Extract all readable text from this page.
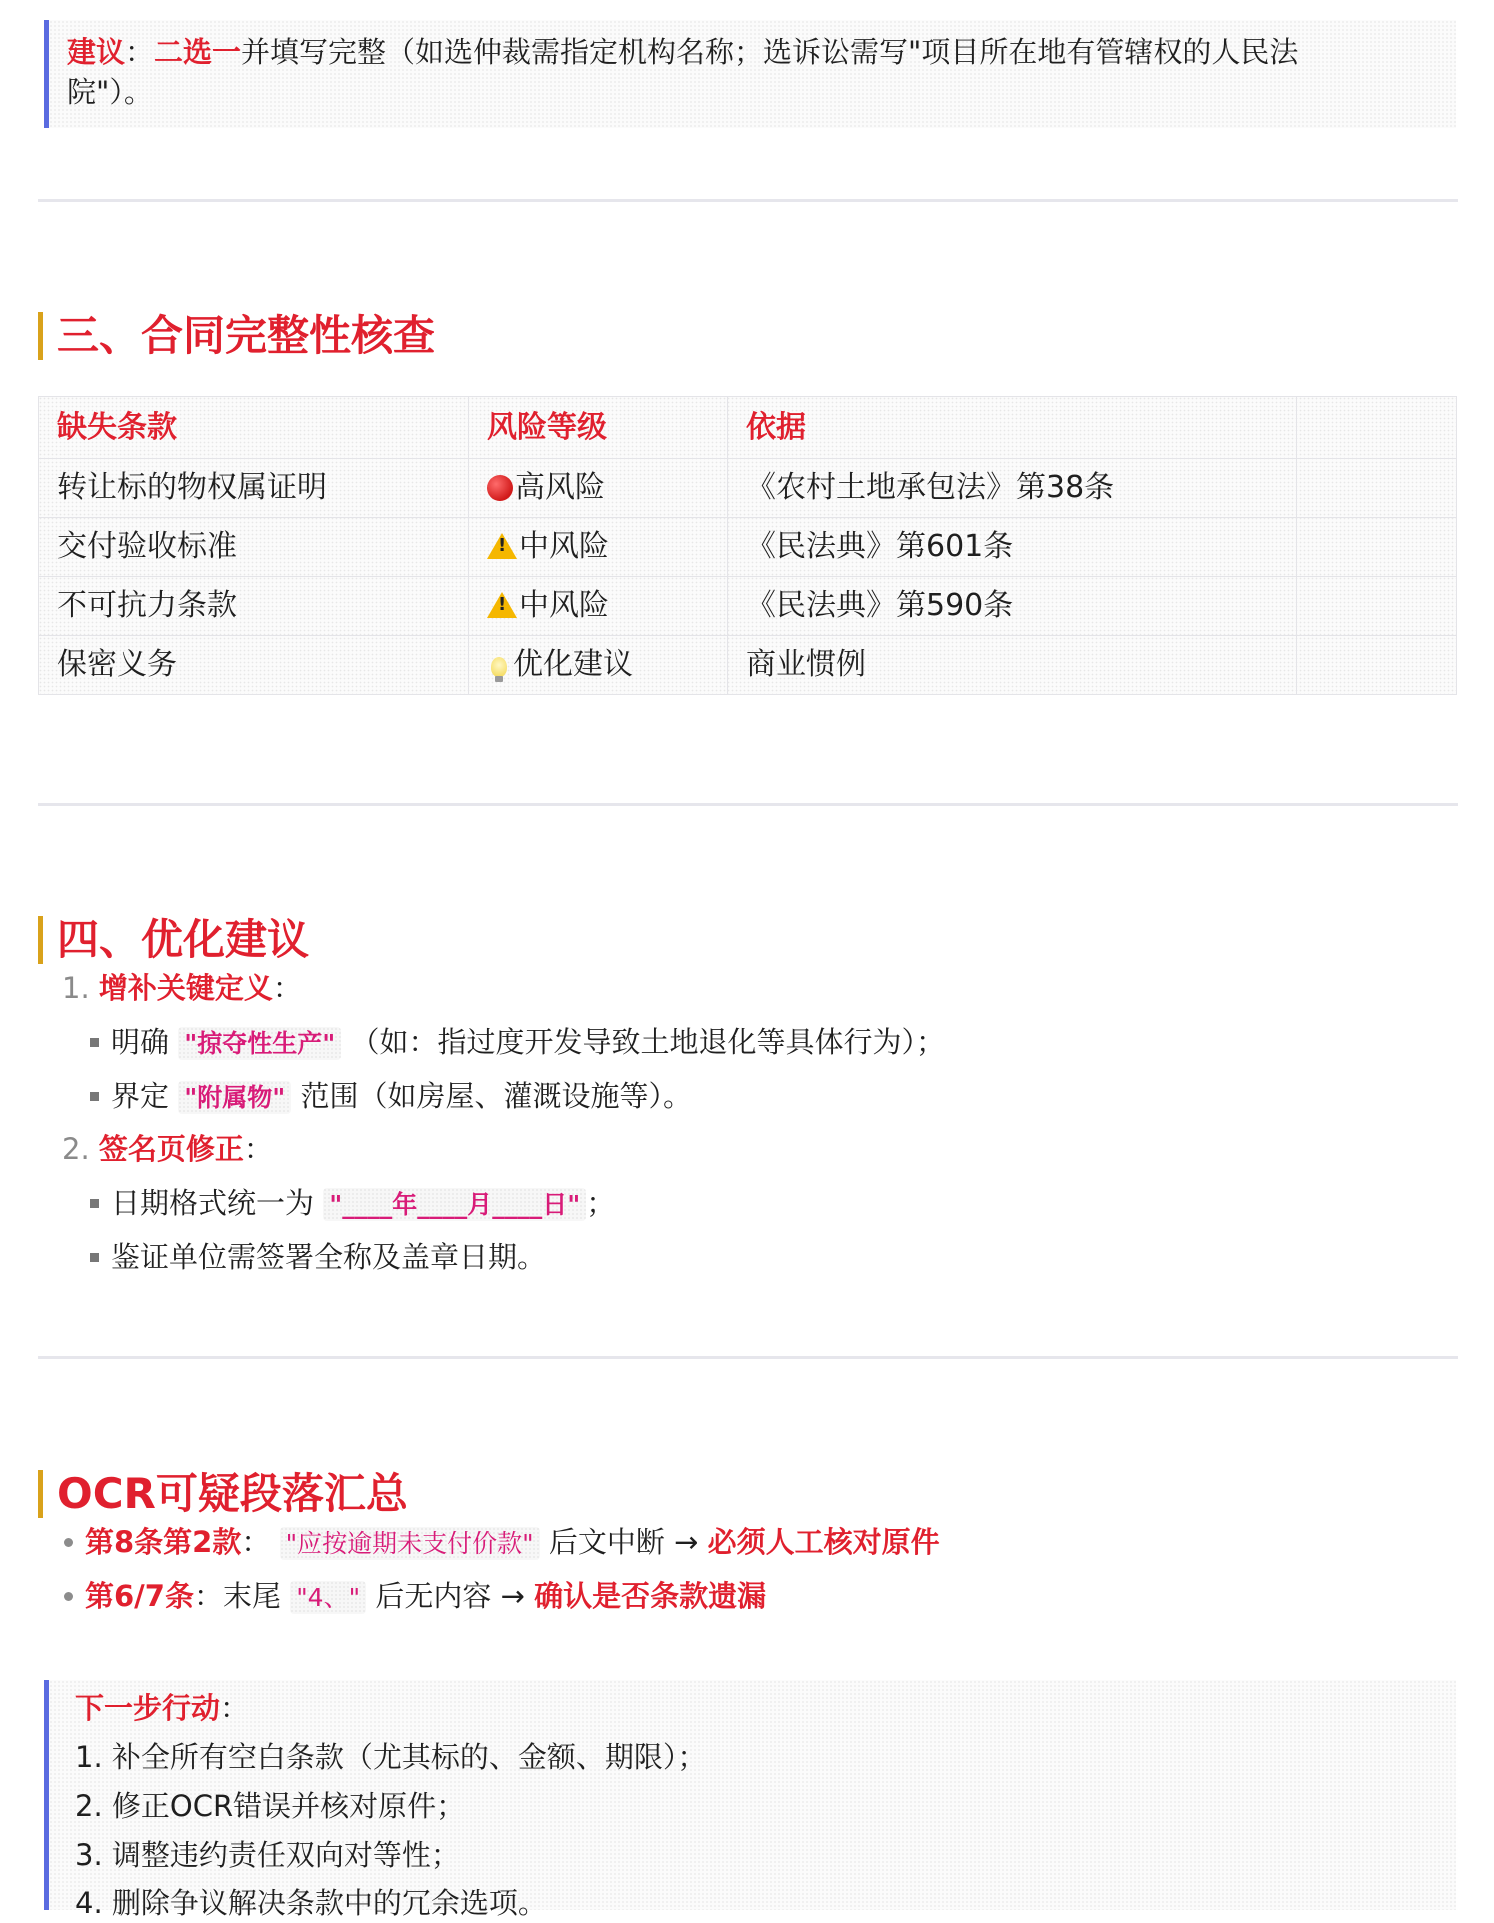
建议：二选一并填写完整（如选仲裁需指定机构名称；选诉讼需写"项目所在地有管辖权的人民法
院"）。
三、合同完整性核查
缺失条款	风险等级	依据	
转让标的物权属证明	高风险	《农村土地承包法》第38条	
交付验收标准	!中风险	《民法典》第601条	
不可抗力条款	!中风险	《民法典》第590条	
保密义务	优化建议	商业惯例	
四、优化建议
1. 增补关键定义：
明确 "掠夺性生产" （如：指过度开发导致土地退化等具体行为）；
界定 "附属物" 范围（如房屋、灌溉设施等）。
2. 签名页修正：
日期格式统一为 "____年____月____日" ；
鉴证单位需签署全称及盖章日期。
OCR可疑段落汇总
第8条第2款： "应按逾期未支付价款" 后文中断 → 必须人工核对原件
第6/7条：末尾 "4、" 后无内容 → 确认是否条款遗漏
下一步行动：
1. 补全所有空白条款（尤其标的、金额、期限）；
2. 修正OCR错误并核对原件；
3. 调整违约责任双向对等性；
4. 删除争议解决条款中的冗余选项。
